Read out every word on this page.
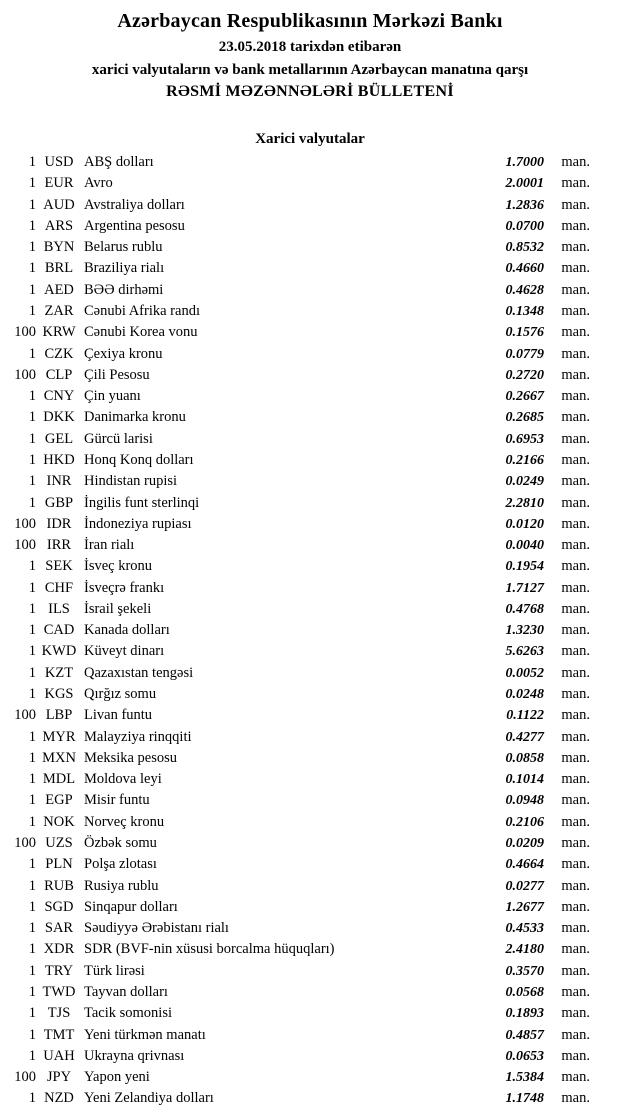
Azərbaycan Respublikasının Mərkəzi Bankı
23.05.2018 tarixdən etibarən
xarici valyutaların və bank metallarının Azərbaycan manatına qarşı
RƏSMİ MƏZƏNNƏLƏRİ BÜLLETENİ
Xarici valyutalar
1 USD ABŞ dolları	1.7000	man.
1 EUR Avro	2.0001	man.
1 AUD Avstraliya dolları	1.2836	man.
1 ARS Argentina pesosu	0.0700	man.
1 BYN Belarus rublu	0.8532	man.
1 BRL Braziliya rialı	0.4660	man.
1 AED BƏƏ dirhəmi	0.4628	man.
1 ZAR Cənubi Afrika randı	0.1348	man.
100 KRW Cənubi Korea vonu	0.1576	man.
1 CZK Çexiya kronu	0.0779	man.
100 CLP Çili Pesosu	0.2720	man.
1 CNY Çin yuanı	0.2667	man.
1 DKK Danimarka kronu	0.2685	man.
1 GEL Gürcü larisi	0.6953	man.
1 HKD Honq Konq dolları	0.2166	man.
1 INR Hindistan rupisi	0.0249	man.
1 GBP İngilis funt sterlinqi	2.2810	man.
100 IDR İndoneziya rupiası	0.0120	man.
100 IRR İran rialı	0.0040	man.
1 SEK İsveç kronu	0.1954	man.
1 CHF İsveçrə frankı	1.7127	man.
1 ILS İsrail şekeli	0.4768	man.
1 CAD Kanada dolları	1.3230	man.
1 KWD Küveyt dinarı	5.6263	man.
1 KZT Qazaxıstan tengəsi	0.0052	man.
1 KGS Qırğız somu	0.0248	man.
100 LBP Livan funtu	0.1122	man.
1 MYR Malayziya rinqqiti	0.4277	man.
1 MXN Meksika pesosu	0.0858	man.
1 MDL Moldova leyi	0.1014	man.
1 EGP Misir funtu	0.0948	man.
1 NOK Norveç kronu	0.2106	man.
100 UZS Özbək somu	0.0209	man.
1 PLN Polşa zlotası	0.4664	man.
1 RUB Rusiya rublu	0.0277	man.
1 SGD Sinqapur dolları	1.2677	man.
1 SAR Səudiyyə Ərəbistanı rialı	0.4533	man.
1 XDR SDR (BVF-nin xüsusi borcalma hüquqları)	2.4180	man.
1 TRY Türk lirəsi	0.3570	man.
1 TWD Tayvan dolları	0.0568	man.
1 TJS Tacik somonisi	0.1893	man.
1 TMT Yeni türkmən manatı	0.4857	man.
1 UAH Ukrayna qrivnası	0.0653	man.
100 JPY Yapon yeni	1.5384	man.
1 NZD Yeni Zelandiya dolları	1.1748	man.
